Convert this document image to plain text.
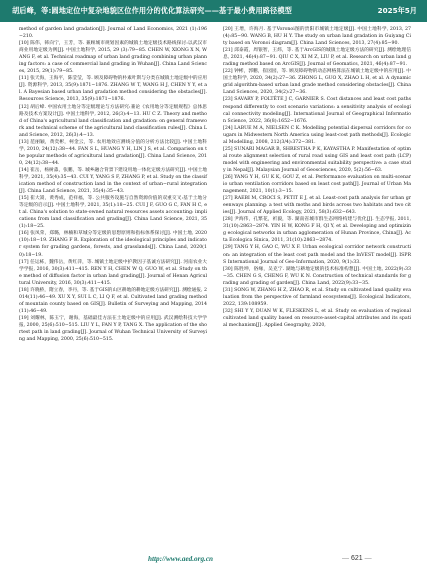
胡后峰，等:圆地定位中复杂地貌区位作用分的优化算法研究——基于最小费用路径模型	2025年5月

method of garden land gradation[J]. Journal of Land Economics, 2021 (1):196−210.

[10] 陈伟，韩向宁，王芳，等. 兼顾城市规划因素的城镇土地定级技术路线探讨:以武汉市商业用地定级为例[J]. 中国土地科学, 2015, 29 (3):79−85. CHEN W, XIONG X N, WANG F, et al. Technical roadmap of urban land grading combining urban planning factors: a case of commercial land grading in Wuhan[J]. China Land Sciences, 2015, 29(1):79−85.

[11] 张天海，王海平，陈莹莹，等. 顾及障碍物的朴素叶斯与分类在城镇土地定级中的应用[J]. 资源科学, 2013, 35(9):1871−1876. ZHANG W T, WANG H J, CHEN Y Y, et al. A Bayesian based urban land gradation method considering the obstacles[J]. Resources Science, 2013, 35(9):1871−1876.

[12] 胡后峰. 中国农用土地分等定级理论与方法研究:兼论《农用地分等定级规程》总体思路及技术方案设计[J]. 中国土地科学, 2012, 26(3):4−13. HU C Z. Theory and method of China's agricultural land classification and gradation: on general framework and technical scheme of the agricultural land classification rules[J]. China Land Science, 2012, 26(3):4−13.

[13] 范丽颖，黄奕彬，柯金云，等. 农用地效应测线分值的分析方法比较[J]. 中国土地科学, 2010, 24(12):38−44. FAN S L, HUANG Y H, LIN J S, et al. Comparison on the popular methods of agricultural land gradation[J]. China Land Science, 2010, 24(12):38−44.

[14] 崔岳，杨树淼，张鹏，等. 城乡融合背景下建设用地一体化定级方法研究[J]. 中国土地科学, 2021, 35(4):35−43. CUI Y, YANG S F, ZHANG P, et al. Study on the classification method of construction land in the context of urban−rural integration[J]. China Land Science, 2021, 35(4):35−43.

[15] 崔大嵩，黄秀成，范祥福，等. 公共服务设施与自然资源价值的双重交叉:基于土地分等定级的启示[J]. 中国土地科学, 2021, 35(1):18−25. CUI J F, GUO G C, FAN H C, et al. China's solution to state-owned natural resources assets accounting: implications from land classification and grading[J]. China Land Science, 2021, 35(1):18−25.

[16] 张凤荣，郑璐，林楠和草城分等定级的思想原则和指标体系探讨[J]. 中国土地, 2020(10):18−19. ZHANG F R. Exploration of the ideological principles and indicator system for grading gardens, forests, and grasslands[J]. China Land, 2020(10):18−19.

[17] 任运栋，魏伟岳，黄红萍，等. 城镇土地定级中护教因子基诚方法研究[J]. 河南农业大学学报, 2016, 30(3):411−415. REN Y H, CHEN W Q, GUO W, et al. Study on the method of diffusion factor in urban land grading[J]. Journal of Henan Agricultural University, 2016, 30(3):411−415.

[18] 许晓桥，隋立春，李丹，等. 基于GIS的山区耕地的耕地定级方法研究[J]. 测绘通报, 2014(11):46−49. XU X Y, SUI L C, LI Q F, et al. Cultivated land grading method of mountain county based on GIS[J]. Bulletin of Surveying and Mapping, 2014(11):46−49.

[19] 刘耀林，陈玉宁，谢海，基础最佳方法在土地定级中的应用[J]. 武汉测绘科技大学学报, 2000, 25(6):510−515. LIU Y L, FAN Y P, TANG X. The application of the shortest path in land grading[J]. Journal of Wuhan Technical University of Surveying and Mapping, 2000, 25(6):510−515.

[20] 王增，许海月. 基于Voronoi图的贵阳市城镇土地定级[J]. 中国土地科学, 2013, 27(4):85−90. WANG B, HU H Y. The study on urban land gradation in Guiyang City based on Voronoi diagram[J]. China Land Sciences, 2013, 27(4):85−90.

[21] 邱泰霞，周银智，王炜，等. 基于ArcGIS的城镇土地定级方法的研究[J]. 测绘地理信息, 2021, 46(4):87−91. QIU C X, XI M Z, LIU P, et al. Research on urban land grading method based on ArcGIS[J]. Journal of Geomatics, 2021, 46(4):87−91.

[22] 钟彬，郭鹏，崔园园，等. 顾及障碍物的动态网格算法在城镇土地定级中的应用[J]. 中国土地科学, 2020, 34(2):27−36. ZHONG L, GUO X, ZHAO L H, et al. A dynamic grid algorithm-based urban land grade method considering obstacles[J]. China Land Sciences, 2020, 34(2):27−36.

[23] SAVARY P, FOLTÊTE J C, GARNIER S. Cost distances and least cost paths respond differently to cost scenario variations: a sensitivity analysis of ecological connectivity modeling[J]. International Journal of Geographical Information Science, 2022, 36(8):1652−1676.

[24] LABUE M A, NIELSEN C K. Modelling potential dispersal corridors for cougars in Midwestern North America using least-cost path methods[J]. Ecological Modelling, 2008, 212(3/4):372−381.

[25] SUNARI MAGAR B, SHRESTHA P K, KAYASTHA P. Manifestation of optimal route alignment selection of rural road using GIS and least cost path (LCP) model with engineering and environmental suitability perspective: a case study in Nepal[J]. Malaysian Journal of Geosciences, 2020, 5(2):56−63.

[26] YANG Y H, GU K K, GOU Z, et al. Performance evaluation on multi-scenario urban ventilation corridors based on least cost path[J]. Journal of Urban Management, 2021, 10(1):3−15.

[27] RAEBI M, CROCI S, PETIT E J, et al. Least-cost path analysis for urban greenways planning: a test with moths and birds across two habitats and two cities[J]. Journal of Applied Ecology, 2021, 58(3):632−643.

[28] 尹海伟，孔繁花，祈毅，等. 湖南省城市群生态网络构建与优化[J]. 生态学报, 2011, 31(10):2863−2874. YIN H W, KONG F H, QI Y, et al. Developing and optimizing ecological networks in urban agglomeration of Hunan Province, China[J]. Acta Ecologica Sinica, 2011, 31(10):2863−2874.

[29] TANG Y H, GAO C, WU X F. Urban ecological corridor network construction: an integration of the least cost path model and the InVEST model[J]. ISPRS International Journal of Geo-Information, 2020, 9(1):33.

[30] 陈胜坤，俗缘，吴克宁. 湖地与耕地定级的技术标准构想[J]. 中国土地, 2022(9):33−35. CHEN G S, CHENG F, WU K N. Construction of technical standards for grading and grading of garden[J]. China Land, 2022(9):33−35.

[31] SONG W, ZHANG H Z, ZHAO R, et al. Study on cultivated land quality evaluation from the perspective of farmland ecosystems[J]. Ecological Indicators, 2022, 139:108959.

[32] SHI Y Y, DUAN W K, FLESKENS L, et al. Study on evaluation of regional cultivated land quality based on resource-asset-capital attributes and its spatial mechanism[J]. Applied Geography, 2020,

http://www.aed.org.cn	— 621 —
